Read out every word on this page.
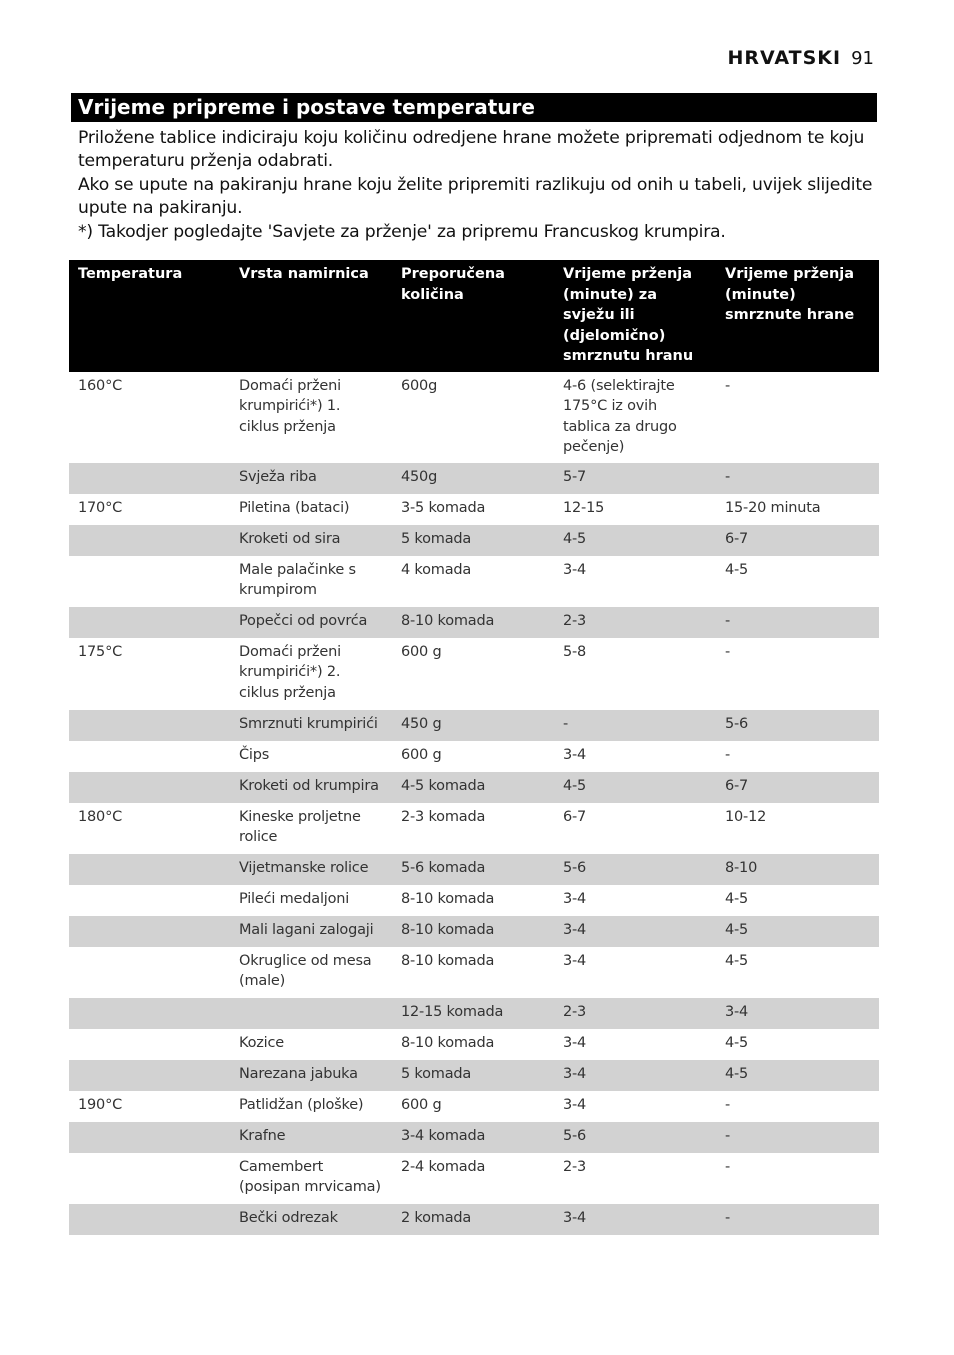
HRVATSKI 91
Vrijeme pripreme i postave temperature

Priložene tablice indiciraju koju količinu odredjene hrane možete pripremati odjednom te koju temperaturu prženja odabrati.

Ako se upute na pakiranju hrane koju želite pripremiti razlikuju od onih u tabeli, uvijek slijedite upute na pakiranju.

*) Takodjer pogledajte 'Savjete za prženje' za pripremu Francuskog krumpira.

Temperatura	Vrsta namirnica	Preporučena količina	Vrijeme prženja (minute) za svježu ili (djelomično) smrznutu hranu	Vrijeme prženja (minute) smrznute hrane
160°C	Domaći prženi krumpirići*) 1. ciklus prženja	600g	4-6 (selektirajte 175°C iz ovih tablica za drugo pečenje)	-
	Svježa riba	450g	5-7	-
170°C	Piletina (bataci)	3-5 komada	12-15	15-20 minuta
	Kroketi od sira	5 komada	4-5	6-7
	Male palačinke s krumpirom	4 komada	3-4	4-5
	Popečci od povrća	8-10 komada	2-3	-
175°C	Domaći prženi krumpirići*) 2. ciklus prženja	600 g	5-8	-
	Smrznuti krumpirići	450 g	-	5-6
	Čips	600 g	3-4	-
	Kroketi od krumpira	4-5 komada	4-5	6-7
180°C	Kineske proljetne rolice	2-3 komada	6-7	10-12
	Vijetmanske rolice	5-6 komada	5-6	8-10
	Pileći medaljoni	8-10 komada	3-4	4-5
	Mali lagani zalogaji	8-10 komada	3-4	4-5
	Okruglice od mesa (male)	8-10 komada	3-4	4-5
		12-15 komada	2-3	3-4
	Kozice	8-10 komada	3-4	4-5
	Narezana jabuka	5 komada	3-4	4-5
190°C	Patlidžan (ploške)	600 g	3-4	-
	Krafne	3-4 komada	5-6	-
	Camembert (posipan mrvicama)	2-4 komada	2-3	-
	Bečki odrezak	2 komada	3-4	-
